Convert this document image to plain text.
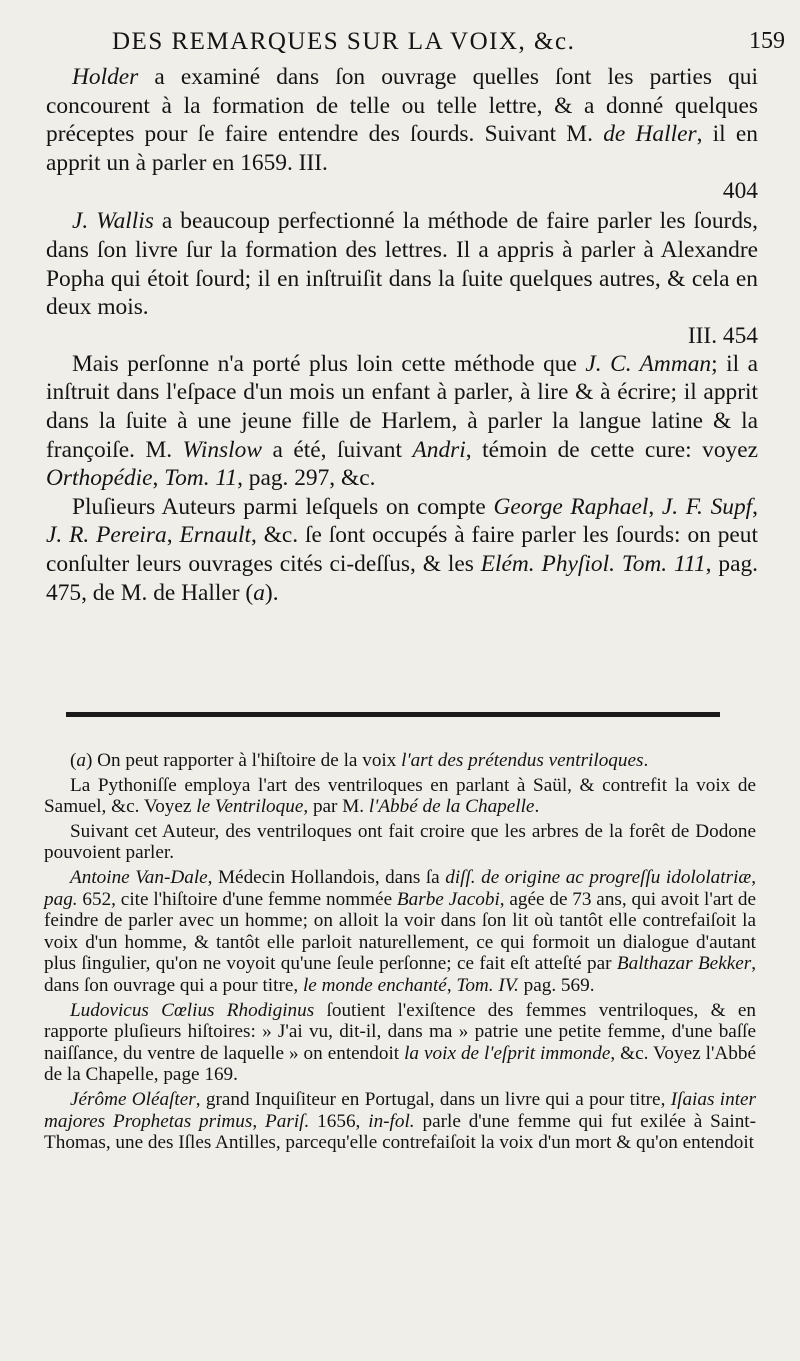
DES REMARQUES SUR LA VOIX, &c.	159

Holder a examiné dans ſon ouvrage quelles ſont les parties qui concourent à la formation de telle ou telle lettre, & a donné quelques préceptes pour ſe faire entendre des ſourds. Suivant M. de Haller, il en apprit un à parler en 1659. III.

404

J. Wallis a beaucoup perfectionné la méthode de faire parler les ſourds, dans ſon livre ſur la formation des lettres. Il a appris à parler à Alexandre Popha qui étoit ſourd; il en inſtruiſit dans la ſuite quelques autres, & cela en deux mois.

III. 454

Mais perſonne n'a porté plus loin cette méthode que J. C. Amman; il a inſtruit dans l'eſpace d'un mois un enfant à parler, à lire & à écrire; il apprit dans la ſuite à une jeune fille de Harlem, à parler la langue latine & la françoiſe. M. Winslow a été, ſuivant Andri, témoin de cette cure: voyez Orthopédie, Tom. 11, pag. 297, &c.

Pluſieurs Auteurs parmi leſquels on compte George Raphael, J. F. Supf, J. R. Pereira, Ernault, &c. ſe ſont occupés à faire parler les ſourds: on peut conſulter leurs ouvrages cités ci-deſſus, & les Elém. Phyſiol. Tom. 111, pag. 475, de M. de Haller (a).

(a) On peut rapporter à l'hiſtoire de la voix l'art des prétendus ventriloques.

La Pythoniſſe employa l'art des ventriloques en parlant à Saül, & contrefit la voix de Samuel, &c. Voyez le Ventriloque, par M. l'Abbé de la Chapelle.

Suivant cet Auteur, des ventriloques ont fait croire que les arbres de la forêt de Dodone pouvoient parler.

Antoine Van-Dale, Médecin Hollandois, dans ſa diſſ. de origine ac progreſſu idololatriæ, pag. 652, cite l'hiſtoire d'une femme nommée Barbe Jacobi, agée de 73 ans, qui avoit l'art de feindre de parler avec un homme; on alloit la voir dans ſon lit où tantôt elle contrefaiſoit la voix d'un homme, & tantôt elle parloit naturellement, ce qui formoit un dialogue d'autant plus ſingulier, qu'on ne voyoit qu'une ſeule perſonne; ce fait eſt atteſté par Balthazar Bekker, dans ſon ouvrage qui a pour titre, le monde enchanté, Tom. IV. pag. 569.

Ludovicus Cœlius Rhodiginus ſoutient l'exiſtence des femmes ventriloques, & en rapporte pluſieurs hiſtoires: » J'ai vu, dit-il, dans ma » patrie une petite femme, d'une baſſe naiſſance, du ventre de laquelle » on entendoit la voix de l'eſprit immonde, &c. Voyez l'Abbé de la Chapelle, page 169.

Jérôme Oléaſter, grand Inquiſiteur en Portugal, dans un livre qui a pour titre, Iſaias inter majores Prophetas primus, Pariſ. 1656, in-fol. parle d'une femme qui fut exilée à Saint-Thomas, une des Iſles Antilles, parcequ'elle contrefaiſoit la voix d'un mort & qu'on entendoit
